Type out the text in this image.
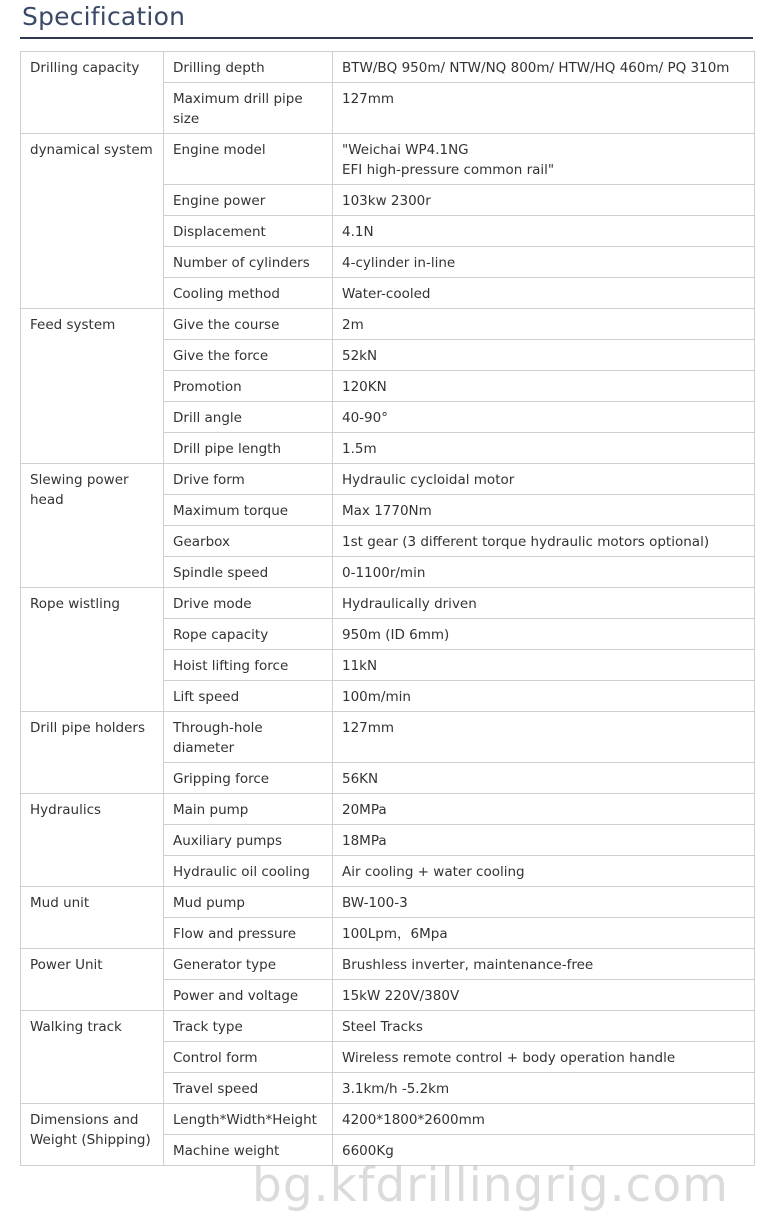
Specification
Drilling capacity	Drilling depth	BTW/BQ 950m/ NTW/NQ 800m/ HTW/HQ 460m/ PQ 310m
	Maximum drill pipe size	127mm
dynamical system	Engine model	"Weichai WP4.1NG
EFI high-pressure common rail"
	Engine power	103kw 2300r
	Displacement	4.1N
	Number of cylinders	4-cylinder in-line
	Cooling method	Water-cooled
Feed system	Give the course	2m
	Give the force	52kN
	Promotion	120KN
	Drill angle	40-90°
	Drill pipe length	1.5m
Slewing power head	Drive form	Hydraulic cycloidal motor
	Maximum torque	Max 1770Nm
	Gearbox	1st gear (3 different torque hydraulic motors optional)
	Spindle speed	0-1100r/min
Rope wistling	Drive mode	Hydraulically driven
	Rope capacity	950m (ID 6mm)
	Hoist lifting force	11kN
	Lift speed	100m/min
Drill pipe holders	Through-hole diameter	127mm
	Gripping force	56KN
Hydraulics	Main pump	20MPa
	Auxiliary pumps	18MPa
	Hydraulic oil cooling	Air cooling + water cooling
Mud unit	Mud pump	BW-100-3
	Flow and pressure	100Lpm，6Mpa
Power Unit	Generator type	Brushless inverter, maintenance-free
	Power and voltage	15kW 220V/380V
Walking track	Track type	Steel Tracks
	Control form	Wireless remote control + body operation handle
	Travel speed	3.1km/h -5.2km
Dimensions and Weight (Shipping)	Length*Width*Height	4200*1800*2600mm
	Machine weight	6600Kg
bg.kfdrillingrig.com
